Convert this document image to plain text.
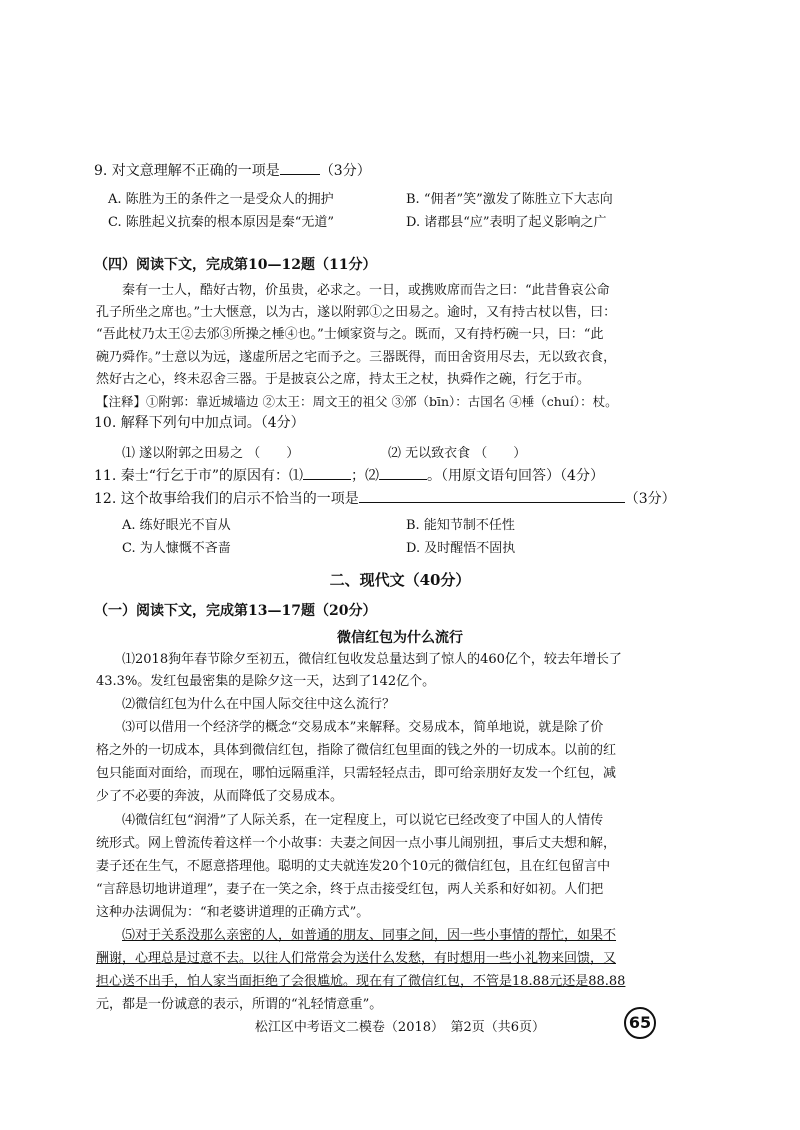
9. 对文意理解不正确的一项是	（3分）
A. 陈胜为王的条件之一是受众人的拥护	B. “佣者”笑”激发了陈胜立下大志向
C. 陈胜起义抗秦的根本原因是秦“无道”	D. 诸郡县“应”表明了起义影响之广
（四）阅读下文，完成第10—12题（11分）
秦有一士人，酷好古物，价虽贵，必求之。一日，或携败席而告之曰：“此昔鲁哀公命
孔子所坐之席也。”士大惬意，以为古，遂以附郭①之田易之。逾时，又有持古杖以售，曰：
“吾此杖乃太王②去邠③所操之棰④也。”士倾家资与之。既而，又有持朽碗一只，曰：“此
碗乃舜作。”士意以为远，遂虚所居之宅而予之。三器既得，而田舍资用尽去，无以致衣食，
然好古之心，终未忍舍三器。于是披哀公之席，持太王之杖，执舜作之碗，行乞于市。
【注释】①附郭：靠近城墙边 ②太王：周文王的祖父 ③邠（bīn）：古国名 ④棰（chuí）：杖。
10. 解释下列句中加点词。（4分）
⑴ 遂以附郭之田易之 （　　）	⑵ 无以致衣食 （　　）
11. 秦士“行乞于市”的原因有：⑴	；⑵	。（用原文语句回答）（4分）
12. 这个故事给我们的启示不恰当的一项是	（3分）
A. 练好眼光不盲从	B. 能知节制不任性
C. 为人慷慨不吝啬	D. 及时醒悟不固执
二、现代文（40分）
（一）阅读下文，完成第13—17题（20分）
微信红包为什么流行
⑴2018狗年春节除夕至初五，微信红包收发总量达到了惊人的460亿个，较去年增长了
43.3%。发红包最密集的是除夕这一天，达到了142亿个。
⑵微信红包为什么在中国人际交往中这么流行？
⑶可以借用一个经济学的概念“交易成本”来解释。交易成本，简单地说，就是除了价
格之外的一切成本，具体到微信红包，指除了微信红包里面的钱之外的一切成本。以前的红
包只能面对面给，而现在，哪怕远隔重洋，只需轻轻点击，即可给亲朋好友发一个红包，减
少了不必要的奔波，从而降低了交易成本。
⑷微信红包“润滑”了人际关系，在一定程度上，可以说它已经改变了中国人的人情传
统形式。网上曾流传着这样一个小故事：夫妻之间因一点小事儿闹别扭，事后丈夫想和解，
妻子还在生气，不愿意搭理他。聪明的丈夫就连发20个10元的微信红包，且在红包留言中
“言辞恳切地讲道理”，妻子在一笑之余，终于点击接受红包，两人关系和好如初。人们把
这种办法调侃为：“和老婆讲道理的正确方式”。
⑸对于关系没那么亲密的人，如普通的朋友、同事之间，因一些小事情的帮忙，如果不
酬谢，心理总是过意不去。以往人们常常会为送什么发愁，有时想用一些小礼物来回馈，又
担心送不出手，怕人家当面拒绝了会很尴尬。现在有了微信红包，不管是18.88元还是88.88
元，都是一份诚意的表示，所谓的“礼轻情意重”。
松江区中考语文二模卷（2018）　第2页（共6页）	65
